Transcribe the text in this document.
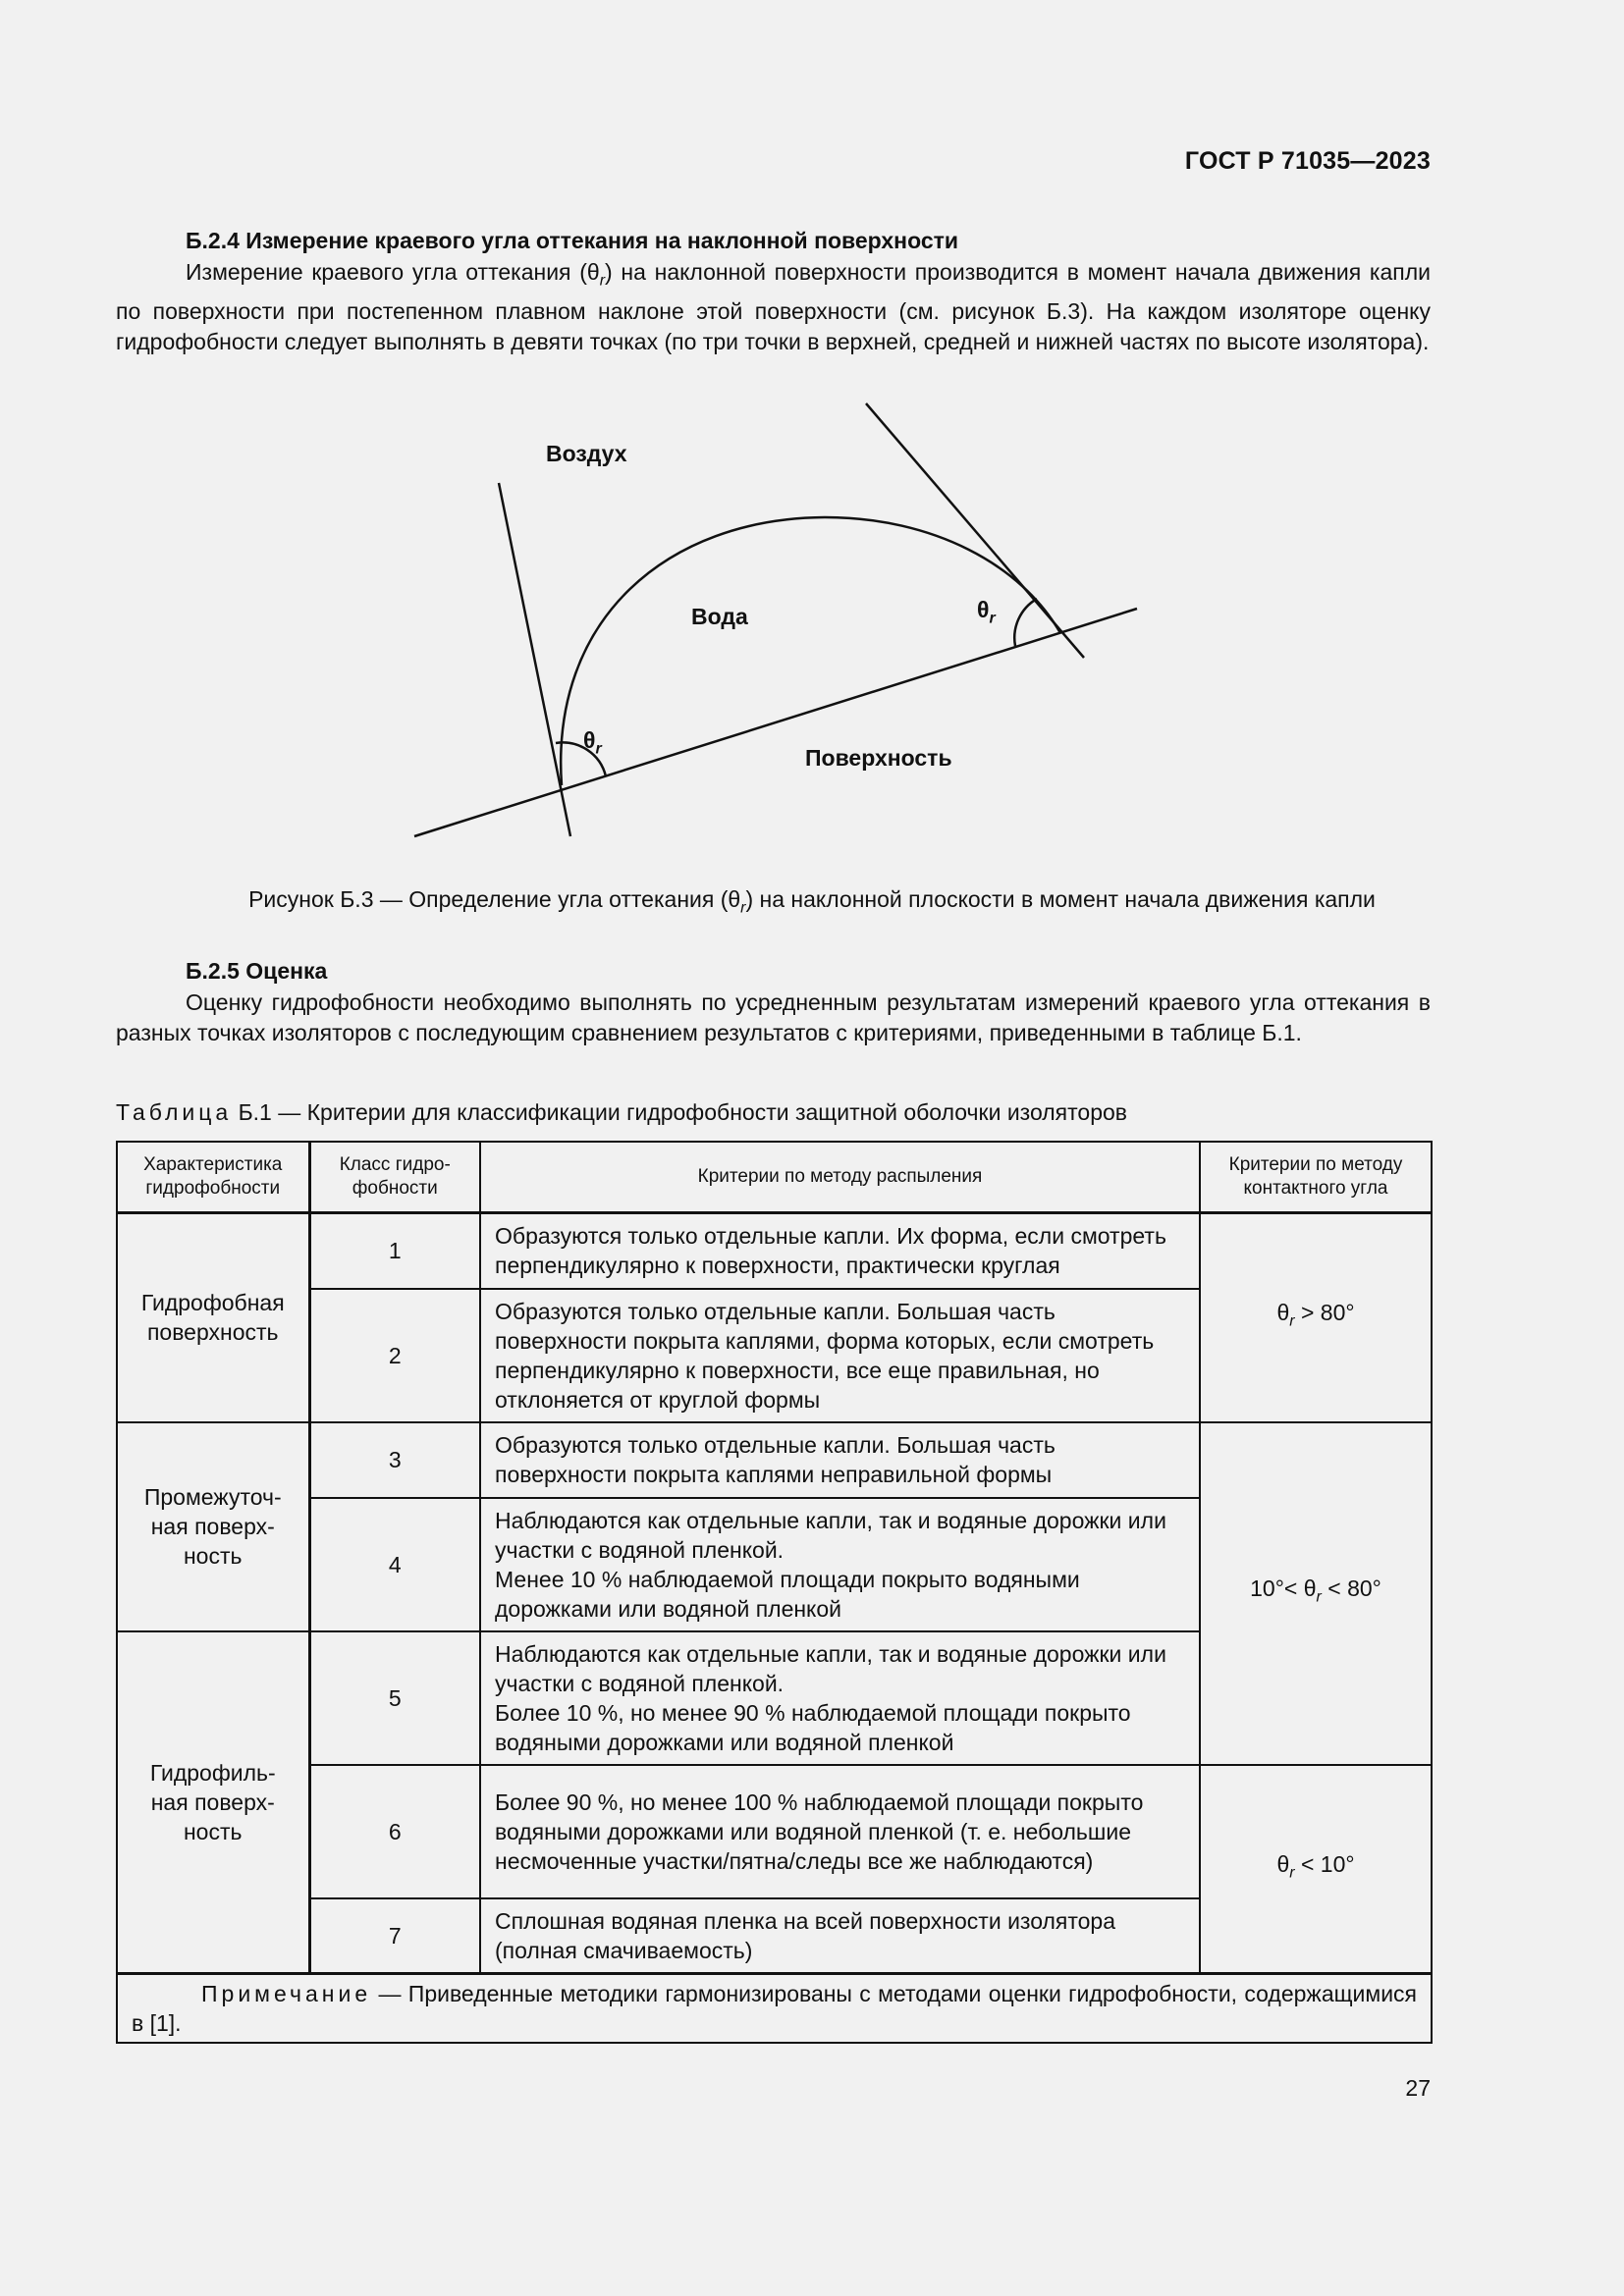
ГОСТ Р 71035—2023
Б.2.4 Измерение краевого угла оттекания на наклонной поверхности
Измерение краевого угла оттекания $(\theta_r)$ на наклонной поверхности производится в момент начала движения капли по поверхности при постепенном плавном наклоне этой поверхности (см. рисунок Б.3). На каждом изоляторе оценку гидрофобности следует выполнять в девяти точках (по три точки в верхней, средней и нижней частях по высоте изолятора).
Воздух
Вода
Поверхность
$\theta_r$
$\theta_r$
Рисунок Б.3 — Определение угла оттекания $(\theta_r)$ на наклонной плоскости в момент начала движения капли
Б.2.5 Оценка
Оценку гидрофобности необходимо выполнять по усредненным результатам измерений краевого угла оттекания в разных точках изоляторов с последующим сравнением результатов с критериями, приведенными в таблице Б.1.
Таблица Б.1 — Критерии для классификации гидрофобности защитной оболочки изоляторов
Характеристика гидрофобности	Класс гидро-фобности	Критерии по методу распыления	Критерии по методу контактного угла
Гидрофобная поверхность	1	Образуются только отдельные капли. Их форма, если смотреть перпендикулярно к поверхности, практически круглая	$\theta_r > 80^\circ$
	2	Образуются только отдельные капли. Большая часть поверхности покрыта каплями, форма которых, если смотреть перпендикулярно к поверхности, все еще правильная, но отклоняется от круглой формы	
Промежуточ-ная поверх-ность	3	Образуются только отдельные капли. Большая часть поверхности покрыта каплями неправильной формы	$10^\circ< \theta_r < 80^\circ$
	4	Наблюдаются как отдельные капли, так и водяные дорожки или участки с водяной пленкой.
Менее 10 % наблюдаемой площади покрыто водяными дорожками или водяной пленкой	
Гидрофиль-ная поверх-ность	5	Наблюдаются как отдельные капли, так и водяные дорожки или участки с водяной пленкой.
Более 10 %, но менее 90 % наблюдаемой площади покрыто водяными дорожками или водяной пленкой	
	6	Более 90 %, но менее 100 % наблюдаемой площади покрыто водяными дорожками или водяной пленкой (т. е. небольшие несмоченные участки/пятна/следы все же наблюдаются)	$\theta_r < 10^\circ$
	7	Сплошная водяная пленка на всей поверхности изолятора (полная смачиваемость)	
Примечание — Приведенные методики гармонизированы с методами оценки гидрофобности, содержащимися в [1].			
27
